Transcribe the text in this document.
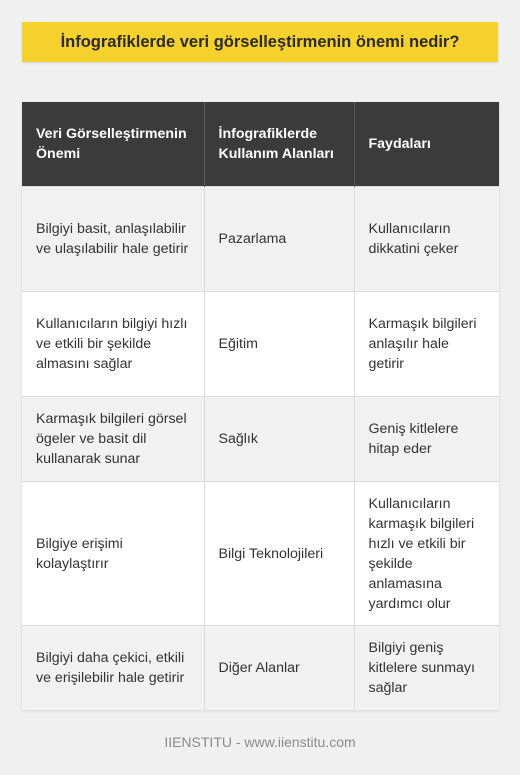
İnfografiklerde veri görselleştirmenin önemi nedir?
Veri Görselleştirmenin Önemi	İnfografiklerde Kullanım Alanları	Faydaları
Bilgiyi basit, anlaşılabilir ve ulaşılabilir hale getirir	Pazarlama	Kullanıcıların dikkatini çeker
Kullanıcıların bilgiyi hızlı ve etkili bir şekilde almasını sağlar	Eğitim	Karmaşık bilgileri anlaşılır hale getirir
Karmaşık bilgileri görsel ögeler ve basit dil kullanarak sunar	Sağlık	Geniş kitlelere hitap eder
Bilgiye erişimi kolaylaştırır	Bilgi Teknolojileri	Kullanıcıların karmaşık bilgileri hızlı ve etkili bir şekilde anlamasına yardımcı olur
Bilgiyi daha çekici, etkili ve erişilebilir hale getirir	Diğer Alanlar	Bilgiyi geniş kitlelere sunmayı sağlar
IIENSTITU - www.iienstitu.com
